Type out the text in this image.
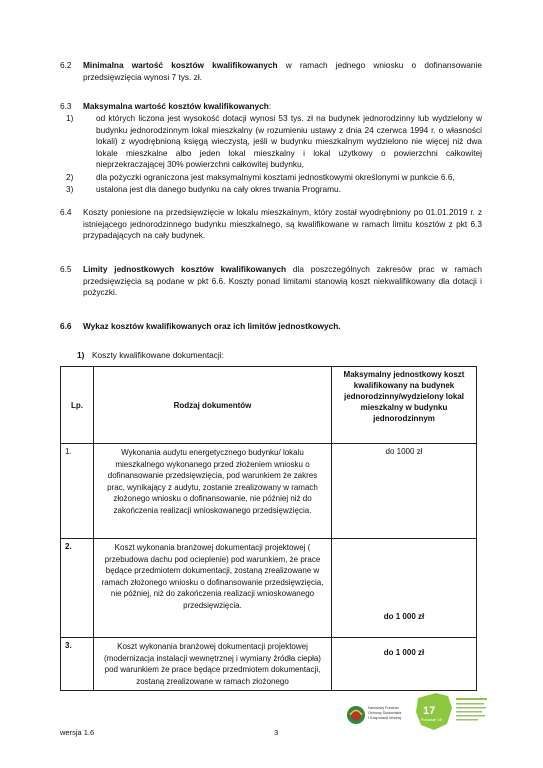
6.2 Minimalna wartość kosztów kwalifikowanych w ramach jednego wniosku o dofinansowanie przedsięwzięcia wynosi 7 tys. zł.
6.3 Maksymalna wartość kosztów kwalifikowanych:
1)	od których liczona jest wysokość dotacji wynosi 53 tys. zł na budynek jednorodzinny lub wydzielony w budynku jednorodzinnym lokal mieszkalny (w rozumieniu ustawy z dnia 24 czerwca 1994 r. o własności lokali) z wyodrębnioną księgą wieczystą, jeśli w budynku mieszkalnym wydzielono nie więcej niż dwa lokale mieszkalne albo jeden lokal mieszkalny i lokal użytkowy o powierzchni całkowitej nieprzekraczającej 30% powierzchni całkowitej budynku,
2)	dla pożyczki ograniczona jest maksymalnymi kosztami jednostkowymi określonymi w punkcie 6.6,
3)	ustalona jest dla danego budynku na cały okres trwania Programu.
6.4 Koszty poniesione na przedsięwzięcie w lokalu mieszkalnym, który został wyodrębniony po 01.01.2019 r. z istniejącego jednorodzinnego budynku mieszkalnego, są kwalifikowane w ramach limitu kosztów z pkt 6.3 przypadających na cały budynek.
6.5 Limity jednostkowych kosztów kwalifikowanych dla poszczególnych zakresów prac w ramach przedsięwzięcia są podane w pkt 6.6. Koszty ponad limitami stanowią koszt niekwalifikowany dla dotacji i pożyczki.
6.6 Wykaz kosztów kwalifikowanych oraz ich limitów jednostkowych.
1) Koszty kwalifikowane dokumentacji:
Lp.	Rodzaj dokumentów	Maksymalny jednostkowy koszt kwalifikowany na budynek jednorodzinny/wydzielony lokal mieszkalny w budynku jednorodzinnym
1.	Wykonania audytu energetycznego budynku/ lokalu mieszkalnego wykonanego przed złożeniem wniosku o dofinansowanie przedsięwzięcia, pod warunkiem że zakres prac, wynikający z audytu, zostanie zrealizowany w ramach złożonego wniosku o dofinansowanie, nie później niż do zakończenia realizacji wnioskowanego przedsięwzięcia.	do 1000 zł
2.	Koszt wykonania branżowej dokumentacji projektowej ( przebudowa dachu pod ocieplenie) pod warunkiem, że prace będące przedmiotem dokumentacji, zostaną zrealizowane w ramach złożonego wniosku o dofinansowanie przedsięwzięcia, nie później, niż do zakończenia realizacji wnioskowanego przedsięwzięcia.	do 1 000 zł
3.	Koszt wykonania branżowej dokumentacji projektowej (modernizacja instalacji wewnętrznej i wymiany źródła ciepła) pod warunkiem że prace będące przedmiotem dokumentacji, zostaną zrealizowane w ramach złożonego	do 1 000 zł
Narodowy Fundusz
Ochrony Środowiska
i Gospodarki Wodnej
17
Fundusze UE
wersja 1.6	3
